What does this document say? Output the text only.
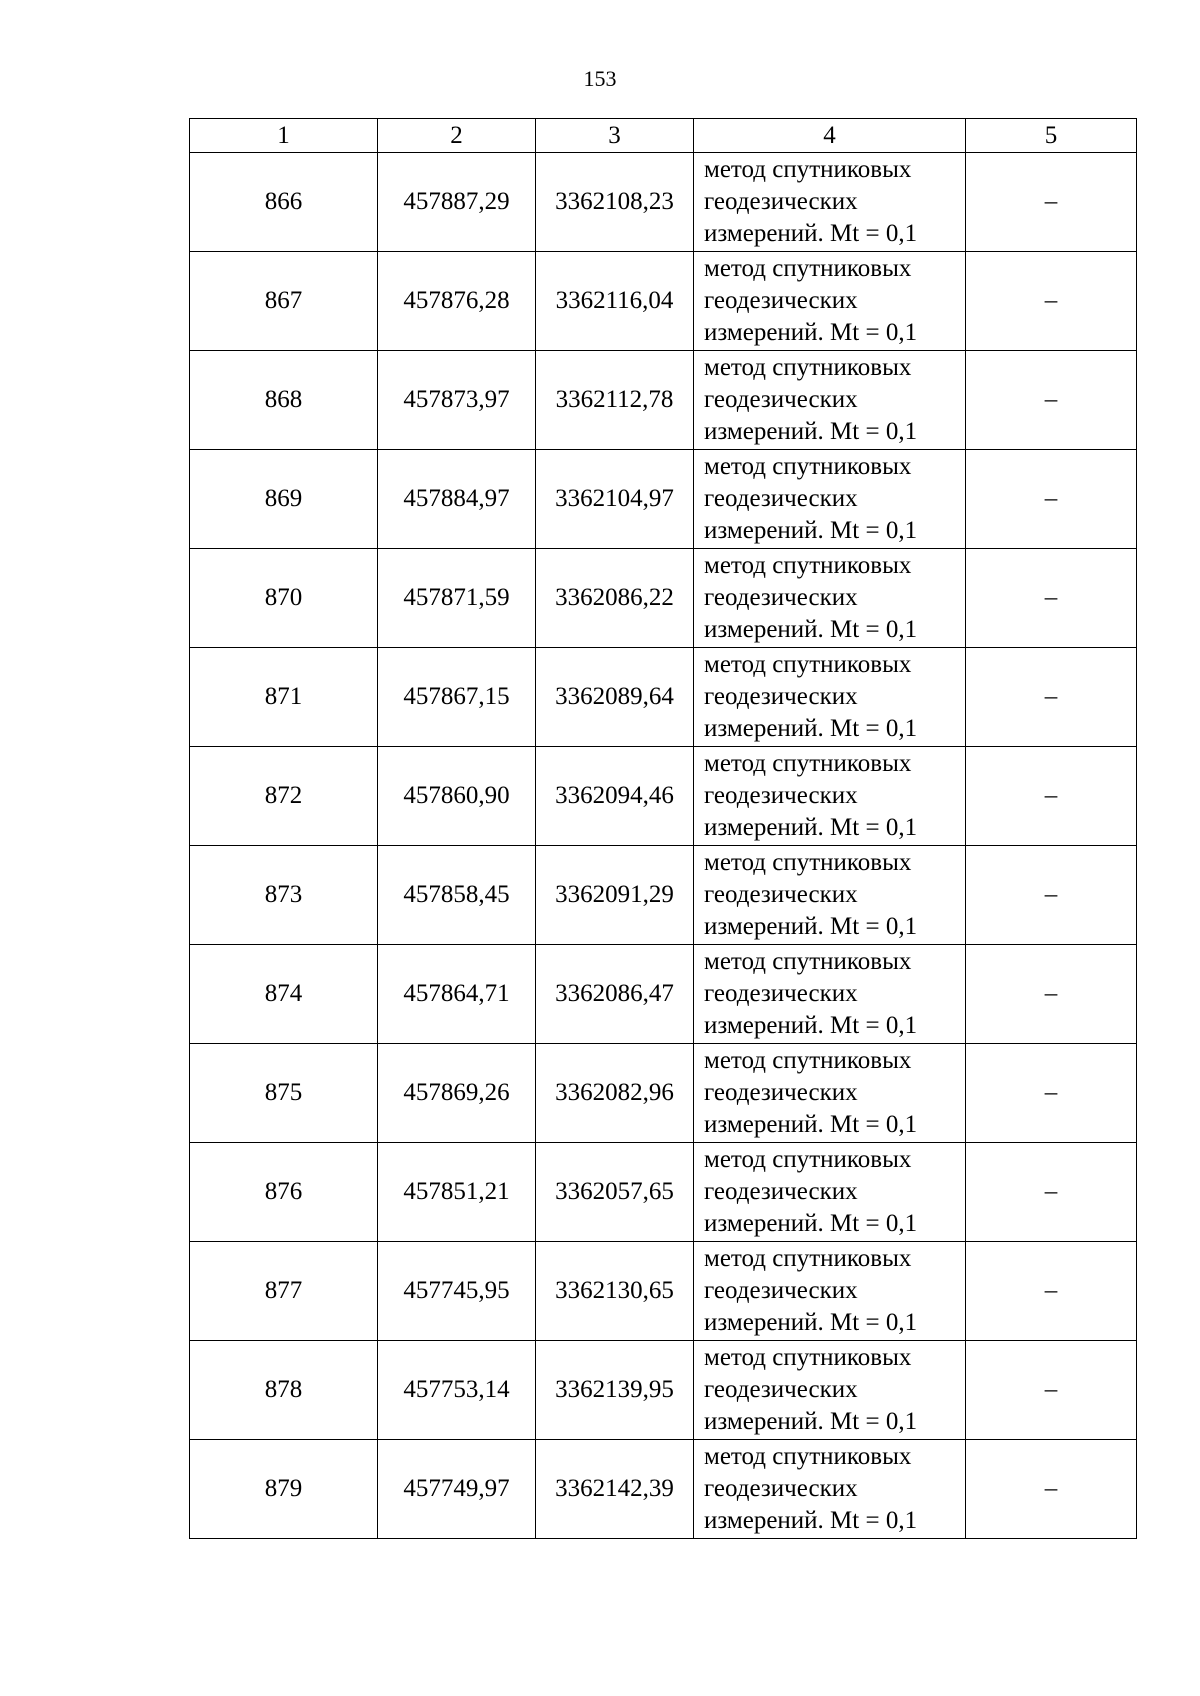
153
1	2	3	4	5
866	457887,29	3362108,23	метод спутниковых
геодезических
измерений. Mt = 0,1	–
867	457876,28	3362116,04	метод спутниковых
геодезических
измерений. Mt = 0,1	–
868	457873,97	3362112,78	метод спутниковых
геодезических
измерений. Mt = 0,1	–
869	457884,97	3362104,97	метод спутниковых
геодезических
измерений. Mt = 0,1	–
870	457871,59	3362086,22	метод спутниковых
геодезических
измерений. Mt = 0,1	–
871	457867,15	3362089,64	метод спутниковых
геодезических
измерений. Mt = 0,1	–
872	457860,90	3362094,46	метод спутниковых
геодезических
измерений. Mt = 0,1	–
873	457858,45	3362091,29	метод спутниковых
геодезических
измерений. Mt = 0,1	–
874	457864,71	3362086,47	метод спутниковых
геодезических
измерений. Mt = 0,1	–
875	457869,26	3362082,96	метод спутниковых
геодезических
измерений. Mt = 0,1	–
876	457851,21	3362057,65	метод спутниковых
геодезических
измерений. Mt = 0,1	–
877	457745,95	3362130,65	метод спутниковых
геодезических
измерений. Mt = 0,1	–
878	457753,14	3362139,95	метод спутниковых
геодезических
измерений. Mt = 0,1	–
879	457749,97	3362142,39	метод спутниковых
геодезических
измерений. Mt = 0,1	–
